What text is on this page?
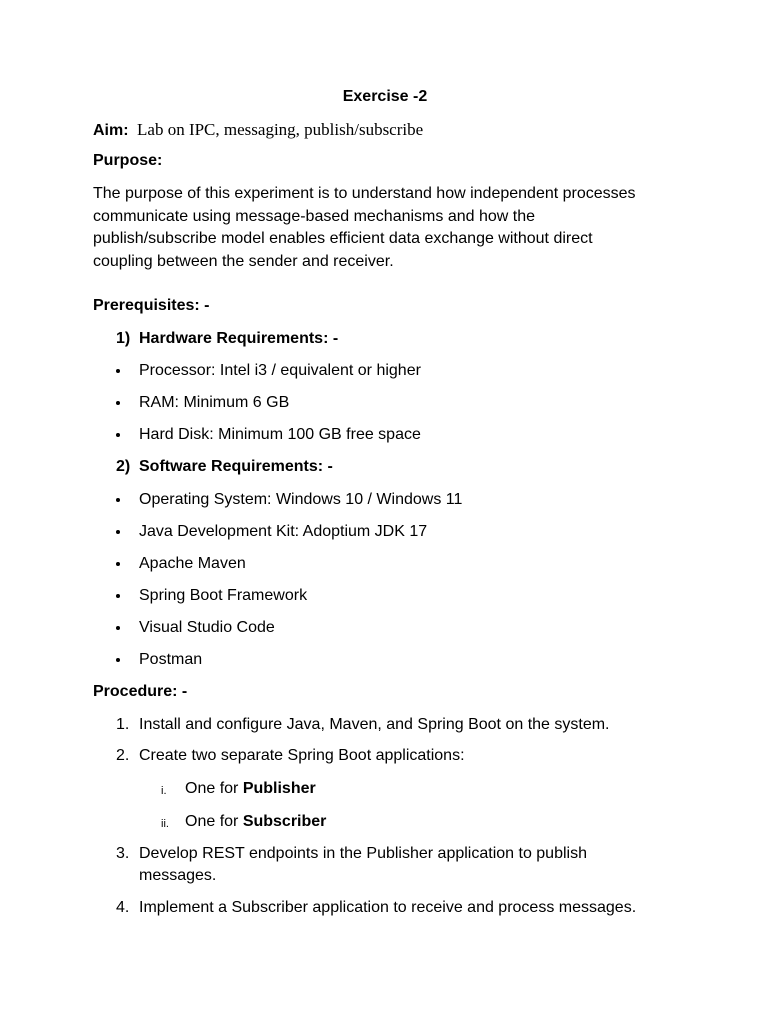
Exercise -2
Aim: Lab on IPC, messaging, publish/subscribe
Purpose:
The purpose of this experiment is to understand how independent processes
communicate using message-based mechanisms and how the
publish/subscribe model enables efficient data exchange without direct
coupling between the sender and receiver.
Prerequisites: -
1) Hardware Requirements: -
Processor: Intel i3 / equivalent or higher
RAM: Minimum 6 GB
Hard Disk: Minimum 100 GB free space
2) Software Requirements: -
Operating System: Windows 10 / Windows 11
Java Development Kit: Adoptium JDK 17
Apache Maven
Spring Boot Framework
Visual Studio Code
Postman
Procedure: -
1. Install and configure Java, Maven, and Spring Boot on the system.
2. Create two separate Spring Boot applications:
i. One for Publisher
ii. One for Subscriber
3. Develop REST endpoints in the Publisher application to publish
messages.
4. Implement a Subscriber application to receive and process messages.
